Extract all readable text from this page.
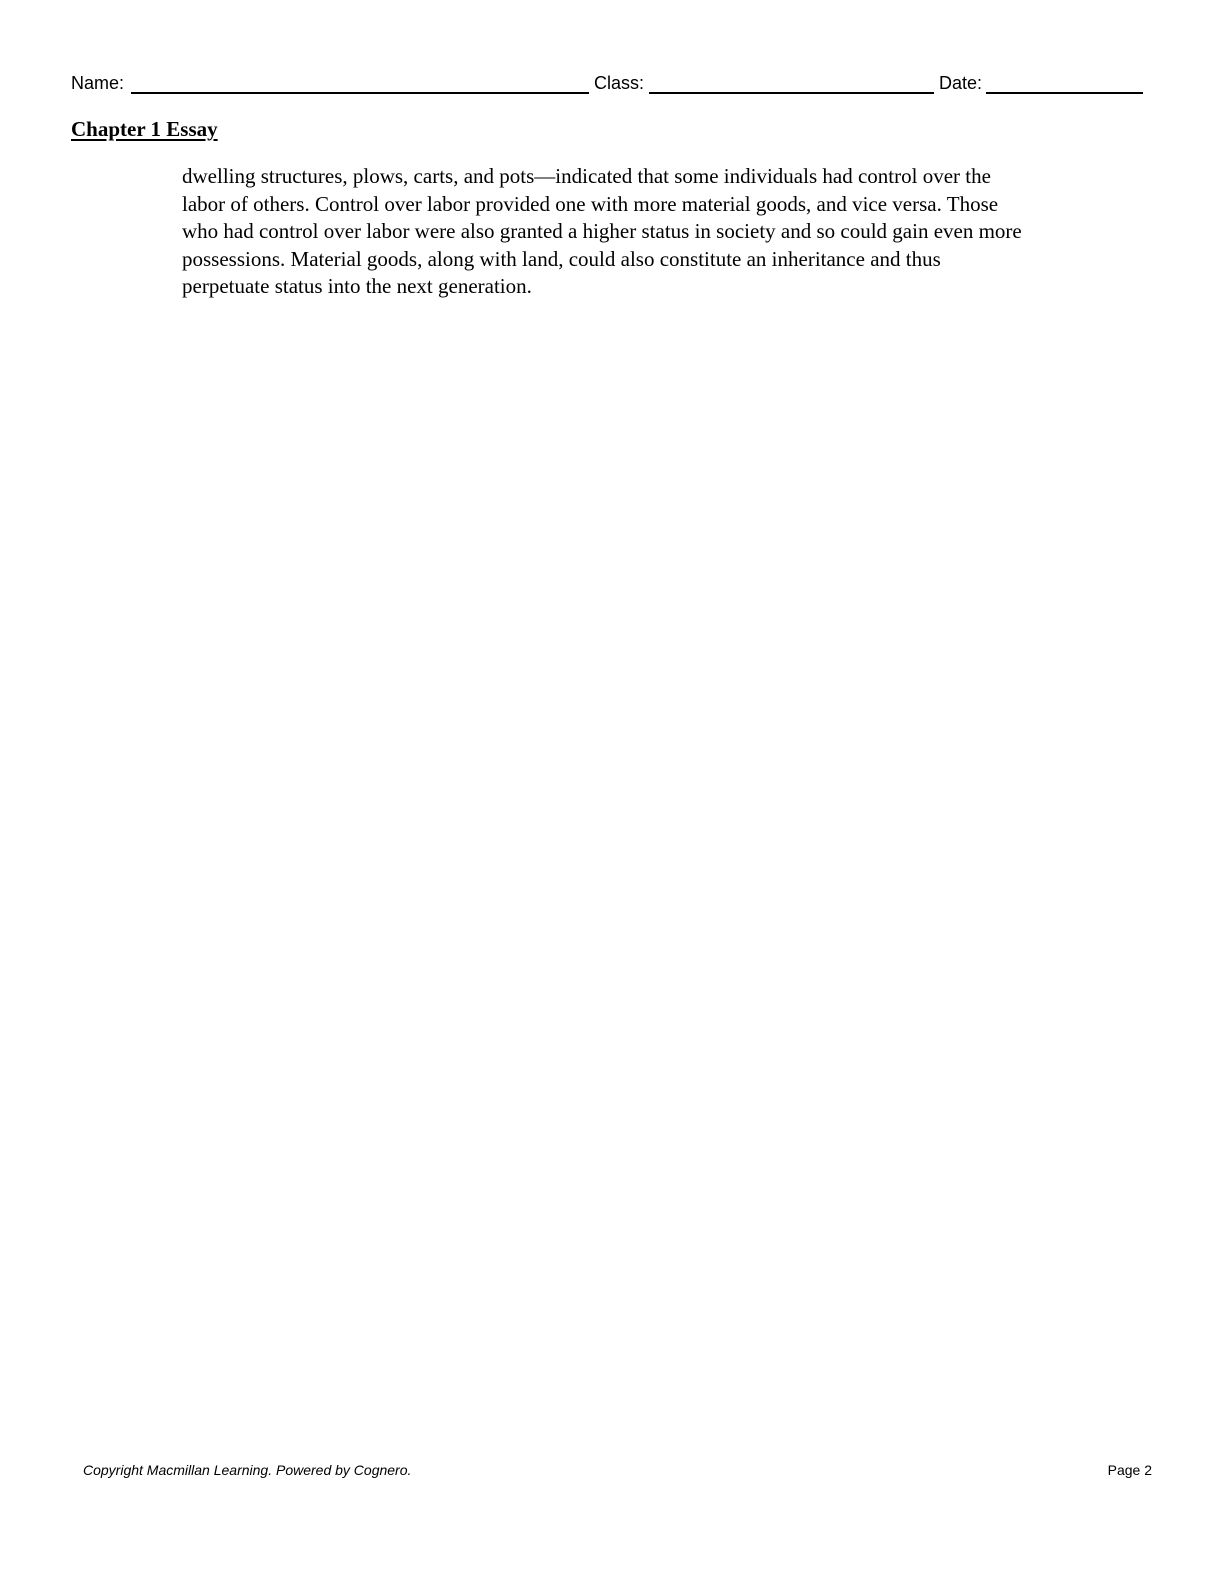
Name:	Class:	Date:
Chapter 1 Essay
dwelling structures, plows, carts, and pots—indicated that some individuals had control over the
labor of others. Control over labor provided one with more material goods, and vice versa. Those
who had control over labor were also granted a higher status in society and so could gain even more
possessions. Material goods, along with land, could also constitute an inheritance and thus
perpetuate status into the next generation.
Copyright Macmillan Learning. Powered by Cognero.	Page 2
